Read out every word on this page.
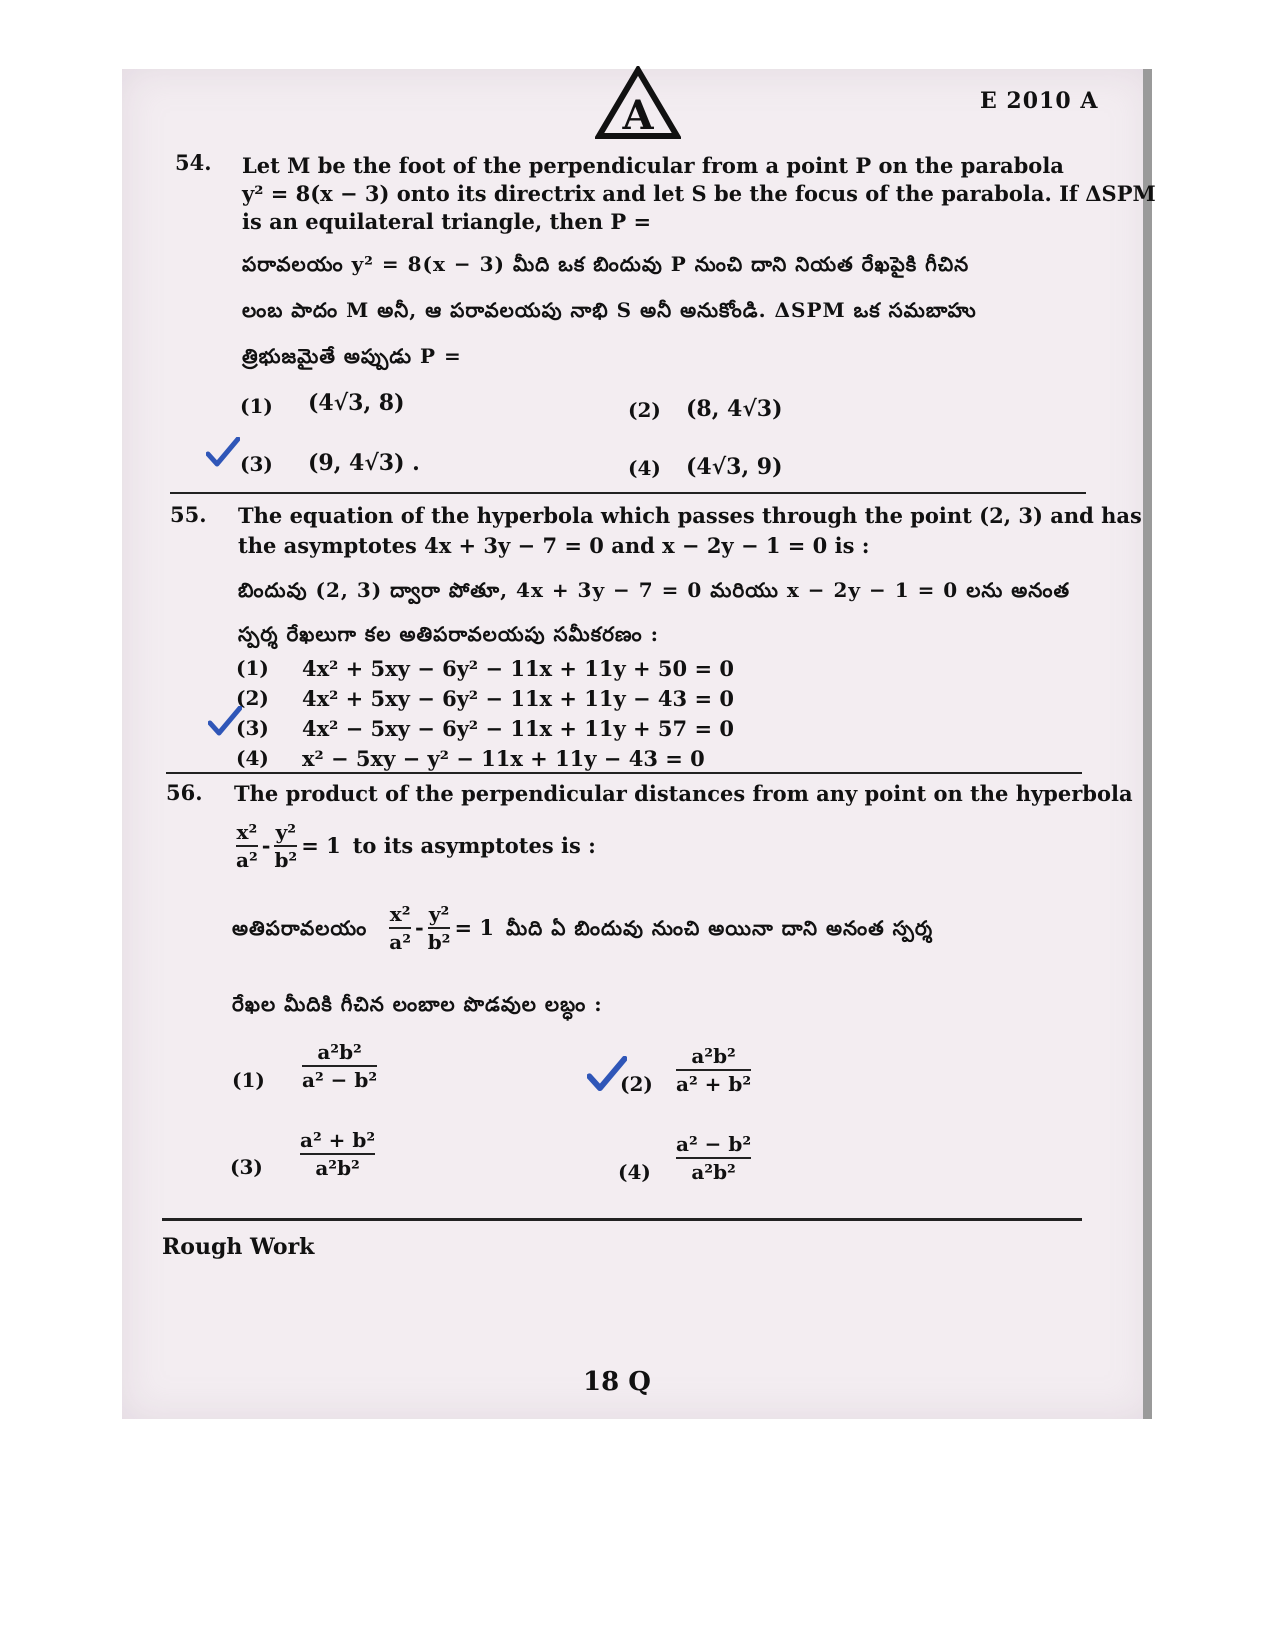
A	E 2010 A
54. Let M be the foot of the perpendicular from a point P on the parabola
y² = 8(x − 3) onto its directrix and let S be the focus of the parabola. If ΔSPM
is an equilateral triangle, then P =
పరావలయం y² = 8(x − 3) మీది ఒక బిందువు P నుంచి దాని నియత రేఖపైకి గీచిన
లంబ పాదం M అనీ, ఆ పరావలయపు నాభి S అనీ అనుకోండి. ΔSPM ఒక సమబాహు
త్రిభుజమైతే అప్పుడు P =
(1) (4√3, 8)	(2) (8, 4√3)
(3) (9, 4√3) .	(4) (4√3, 9)
55. The equation of the hyperbola which passes through the point (2, 3) and has
the asymptotes 4x + 3y − 7 = 0 and x − 2y − 1 = 0 is :
బిందువు (2, 3) ద్వారా పోతూ, 4x + 3y − 7 = 0 మరియు x − 2y − 1 = 0 లను అనంత
స్పర్శ రేఖలుగా కల అతిపరావలయపు సమీకరణం :
(1) 4x² + 5xy − 6y² − 11x + 11y + 50 = 0
(2) 4x² + 5xy − 6y² − 11x + 11y − 43 = 0
(3) 4x² − 5xy − 6y² − 11x + 11y + 57 = 0
(4) x² − 5xy − y² − 11x + 11y − 43 = 0
56. The product of the perpendicular distances from any point on the hyperbola
$\frac{\text{x²}}{\text{a²}} - \frac{\text{y²}}{\text{b²}} = 1$ to its asymptotes is :
అతిపరావలయం $\frac{\text{x²}}{\text{a²}} - \frac{\text{y²}}{\text{b²}} = 1$ మీది ఏ బిందువు నుంచి అయినా దాని అనంత స్పర్శ
రేఖల మీదికి గీచిన లంబాల పొడవుల లబ్ధం :
$(1) \frac{\text{a²b²}}{\text{a² − b²}}$	$(2) \frac{\text{a²b²}}{\text{a² + b²}}$
$(3) \frac{\text{a² + b²}}{\text{a²b²}}$	$(4) \frac{\text{a² − b²}}{\text{a²b²}}$
Rough Work
18 Q
